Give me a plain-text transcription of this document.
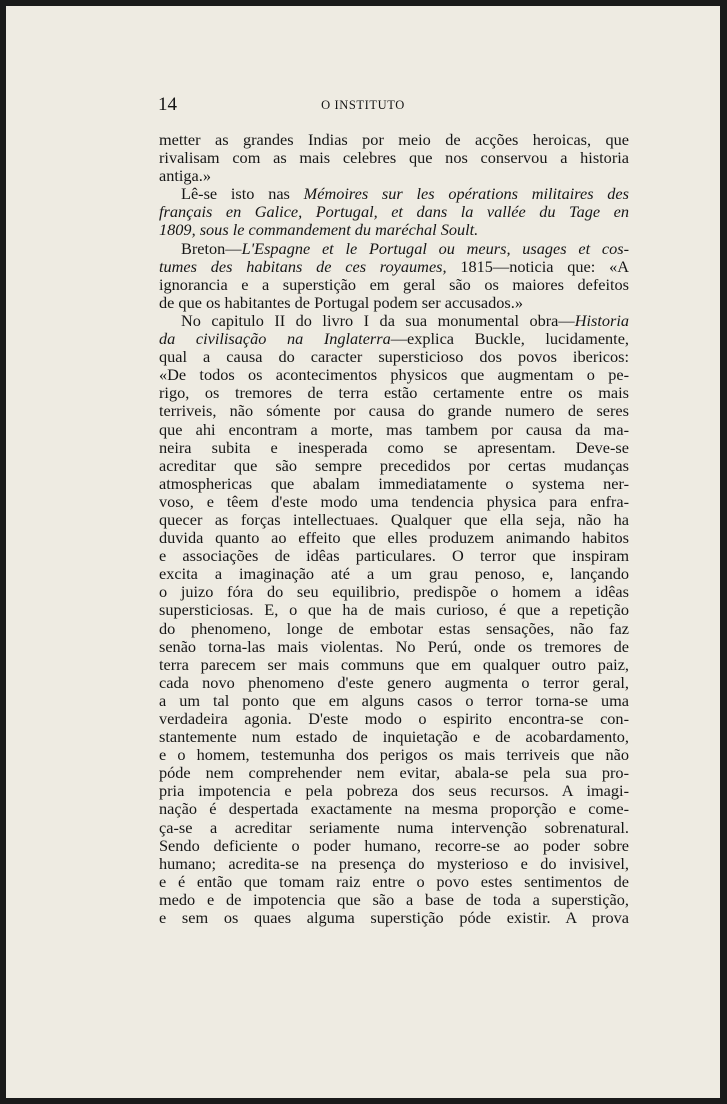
14	O INSTITUTO
metter as grandes Indias por meio de acções heroicas, que
rivalisam com as mais celebres que nos conservou a historia
antiga.»
Lê-se isto nas Mémoires sur les opérations militaires des
français en Galice, Portugal, et dans la vallée du Tage en
1809, sous le commandement du maréchal Soult.
Breton—L'Espagne et le Portugal ou meurs, usages et cos-
tumes des habitans de ces royaumes, 1815—noticia que: «A
ignorancia e a superstição em geral são os maiores defeitos
de que os habitantes de Portugal podem ser accusados.»
No capitulo II do livro I da sua monumental obra—Historia
da civilisação na Inglaterra—explica Buckle, lucidamente,
qual a causa do caracter supersticioso dos povos ibericos:
«De todos os acontecimentos physicos que augmentam o pe-
rigo, os tremores de terra estão certamente entre os mais
terriveis, não sómente por causa do grande numero de seres
que ahi encontram a morte, mas tambem por causa da ma-
neira subita e inesperada como se apresentam. Deve-se
acreditar que são sempre precedidos por certas mudanças
atmosphericas que abalam immediatamente o systema ner-
voso, e têem d'este modo uma tendencia physica para enfra-
quecer as forças intellectuaes. Qualquer que ella seja, não ha
duvida quanto ao effeito que elles produzem animando habitos
e associações de idêas particulares. O terror que inspiram
excita a imaginação até a um grau penoso, e, lançando
o juizo fóra do seu equilibrio, predispõe o homem a idêas
supersticiosas. E, o que ha de mais curioso, é que a repetição
do phenomeno, longe de embotar estas sensações, não faz
senão torna-las mais violentas. No Perú, onde os tremores de
terra parecem ser mais communs que em qualquer outro paiz,
cada novo phenomeno d'este genero augmenta o terror geral,
a um tal ponto que em alguns casos o terror torna-se uma
verdadeira agonia. D'este modo o espirito encontra-se con-
stantemente num estado de inquietação e de acobardamento,
e o homem, testemunha dos perigos os mais terriveis que não
póde nem comprehender nem evitar, abala-se pela sua pro-
pria impotencia e pela pobreza dos seus recursos. A imagi-
nação é despertada exactamente na mesma proporção e come-
ça-se a acreditar seriamente numa intervenção sobrenatural.
Sendo deficiente o poder humano, recorre-se ao poder sobre
humano; acredita-se na presença do mysterioso e do invisivel,
e é então que tomam raiz entre o povo estes sentimentos de
medo e de impotencia que são a base de toda a superstição,
e sem os quaes alguma superstição póde existir. A prova
